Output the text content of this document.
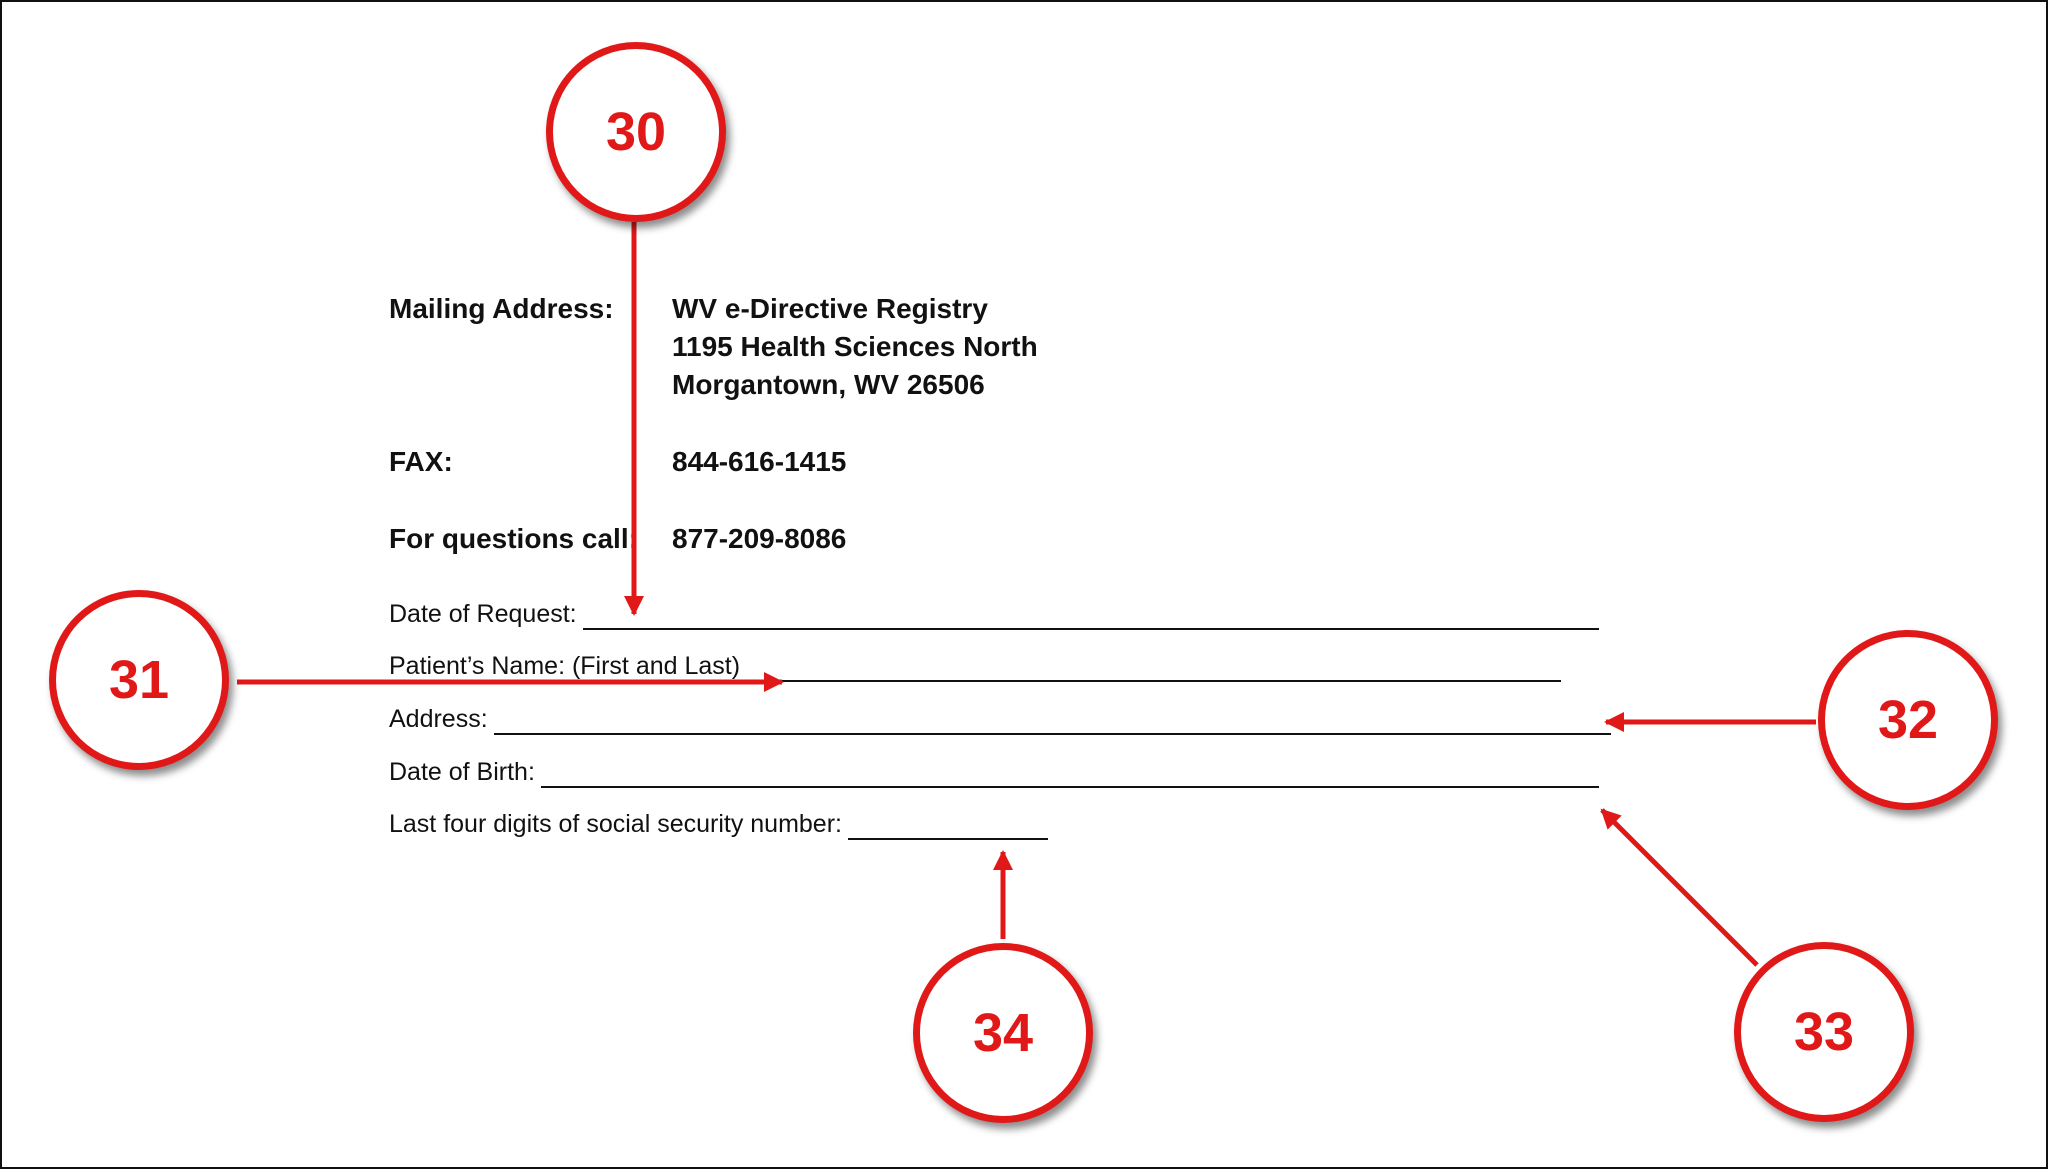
Mailing Address: WV e-Directive Registry
1195 Health Sciences North
Morgantown, WV 26506
FAX:	844-616-1415
For questions call: 877-209-8086
Date of Request:
Patient’s Name: (First and Last)
Address:
Date of Birth:
Last four digits of social security number:
30
31
32
33
34
